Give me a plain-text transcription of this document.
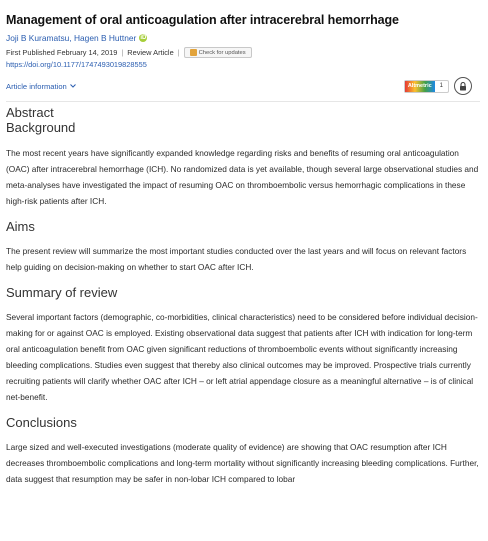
Management of oral anticoagulation after intracerebral hemorrhage
Joji B Kuramatsu, Hagen B Huttner iD
First Published February 14, 2019 | Review Article |	Check for updates
https://doi.org/10.1177/1747493019828555
Article information	Altmetric	1
Abstract
Background
The most recent years have significantly expanded knowledge regarding risks and benefits of resuming oral anticoagulation (OAC) after intracerebral hemorrhage (ICH). No randomized data is yet available, though several large observational studies and meta-analyses have investigated the impact of resuming OAC on thromboembolic versus hemorrhagic complications in these high-risk patients after ICH.
Aims
The present review will summarize the most important studies conducted over the last years and will focus on relevant factors help guiding on decision-making on whether to start OAC after ICH.
Summary of review
Several important factors (demographic, co-morbidities, clinical characteristics) need to be considered before individual decision-making for or against OAC is employed. Existing observational data suggest that patients after ICH with indication for long-term oral anticoagulation benefit from OAC given significant reductions of thromboembolic events without significantly increasing bleeding complications. Studies even suggest that thereby also clinical outcomes may be improved. Prospective trials currently recruiting patients will clarify whether OAC after ICH – or left atrial appendage closure as a meaningful alternative – is of clinical net-benefit.
Conclusions
Large sized and well-executed investigations (moderate quality of evidence) are showing that OAC resumption after ICH decreases thromboembolic complications and long-term mortality without significantly increasing bleeding complications. Further, data suggest that resumption may be safer in non-lobar ICH compared to lobar
